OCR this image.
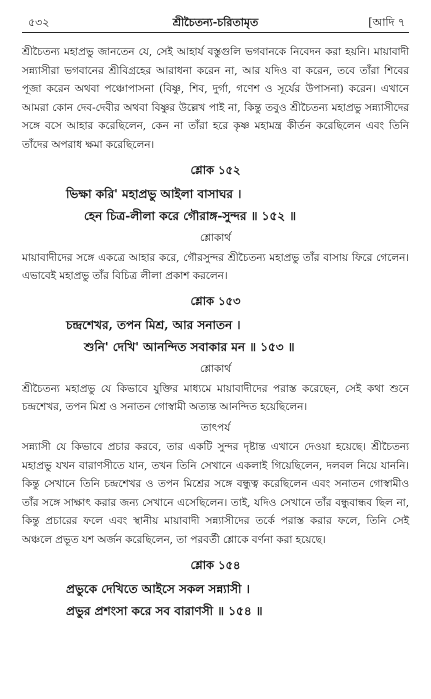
৫৩২	শ্রীচৈতন্য-চরিতামৃত	[আদি ৭

শ্রীচৈতন্য মহাপ্রভু জানতেন যে, সেই আহার্য বস্তুগুলি ভগবানকে নিবেদন করা হয়নি। মায়াবাদী সন্ন্যাসীরা ভগবানের শ্রীবিগ্রহের আরাধনা করেন না, আর যদিও বা করেন, তবে তাঁরা শিবের পূজা করেন অথবা পঞ্চোপাসনা (বিষ্ণু, শিব, দুর্গা, গণেশ ও সূর্যের উপাসনা) করেন। এখানে আমরা কোন দেব-দেবীর অথবা বিষ্ণুর উল্লেখ পাই না, কিন্তু তবুও শ্রীচৈতন্য মহাপ্রভু সন্ন্যাসীদের সঙ্গে বসে আহার করেছিলেন, কেন না তাঁরা হরে কৃষ্ণ মহামন্ত্র কীর্তন করেছিলেন এবং তিনি তাঁদের অপরাধ ক্ষমা করেছিলেন।

শ্লোক ১৫২

ভিক্ষা করি' মহাপ্রভু আইলা বাসাঘর ।

হেন চিত্র-লীলা করে গৌরাঙ্গ-সুন্দর ॥ ১৫২ ॥

শ্লোকার্থ

মায়াবাদীদের সঙ্গে একত্রে আহার করে, গৌরসুন্দর শ্রীচৈতন্য মহাপ্রভু তাঁর বাসায় ফিরে গেলেন। এভাবেই মহাপ্রভু তাঁর বিচিত্র লীলা প্রকাশ করলেন।

শ্লোক ১৫৩

চন্দ্রশেখর, তপন মিশ্র, আর সনাতন ।

শুনি' দেখি' আনন্দিত সবাকার মন ॥ ১৫৩ ॥

শ্লোকার্থ

শ্রীচৈতন্য মহাপ্রভু যে কিভাবে যুক্তির মাধ্যমে মায়াবাদীদের পরাস্ত করেছেন, সেই কথা শুনে চন্দ্রশেখর, তপন মিশ্র ও সনাতন গোস্বামী অত্যন্ত আনন্দিত হয়েছিলেন।

তাৎপর্য

সন্ন্যাসী যে কিভাবে প্রচার করবে, তার একটি সুন্দর দৃষ্টান্ত এখানে দেওয়া হয়েছে। শ্রীচৈতন্য মহাপ্রভু যখন বারাণসীতে যান, তখন তিনি সেখানে একলাই গিয়েছিলেন, দলবল নিয়ে যাননি। কিন্তু সেখানে তিনি চন্দ্রশেখর ও তপন মিশ্রের সঙ্গে বন্ধুত্ব করেছিলেন এবং সনাতন গোস্বামীও তাঁর সঙ্গে সাক্ষাৎ করার জন্য সেখানে এসেছিলেন। তাই, যদিও সেখানে তাঁর বন্ধুবান্ধব ছিল না, কিন্তু প্রচারের ফলে এবং স্থানীয় মায়াবাদী সন্ন্যাসীদের তর্কে পরাস্ত করার ফলে, তিনি সেই অঞ্চলে প্রভূত যশ অর্জন করেছিলেন, তা পরবর্তী শ্লোকে বর্ণনা করা হয়েছে।

শ্লোক ১৫৪

প্রভুকে দেখিতে আইসে সকল সন্ন্যাসী ।

প্রভুর প্রশংসা করে সব বারাণসী ॥ ১৫৪ ॥
